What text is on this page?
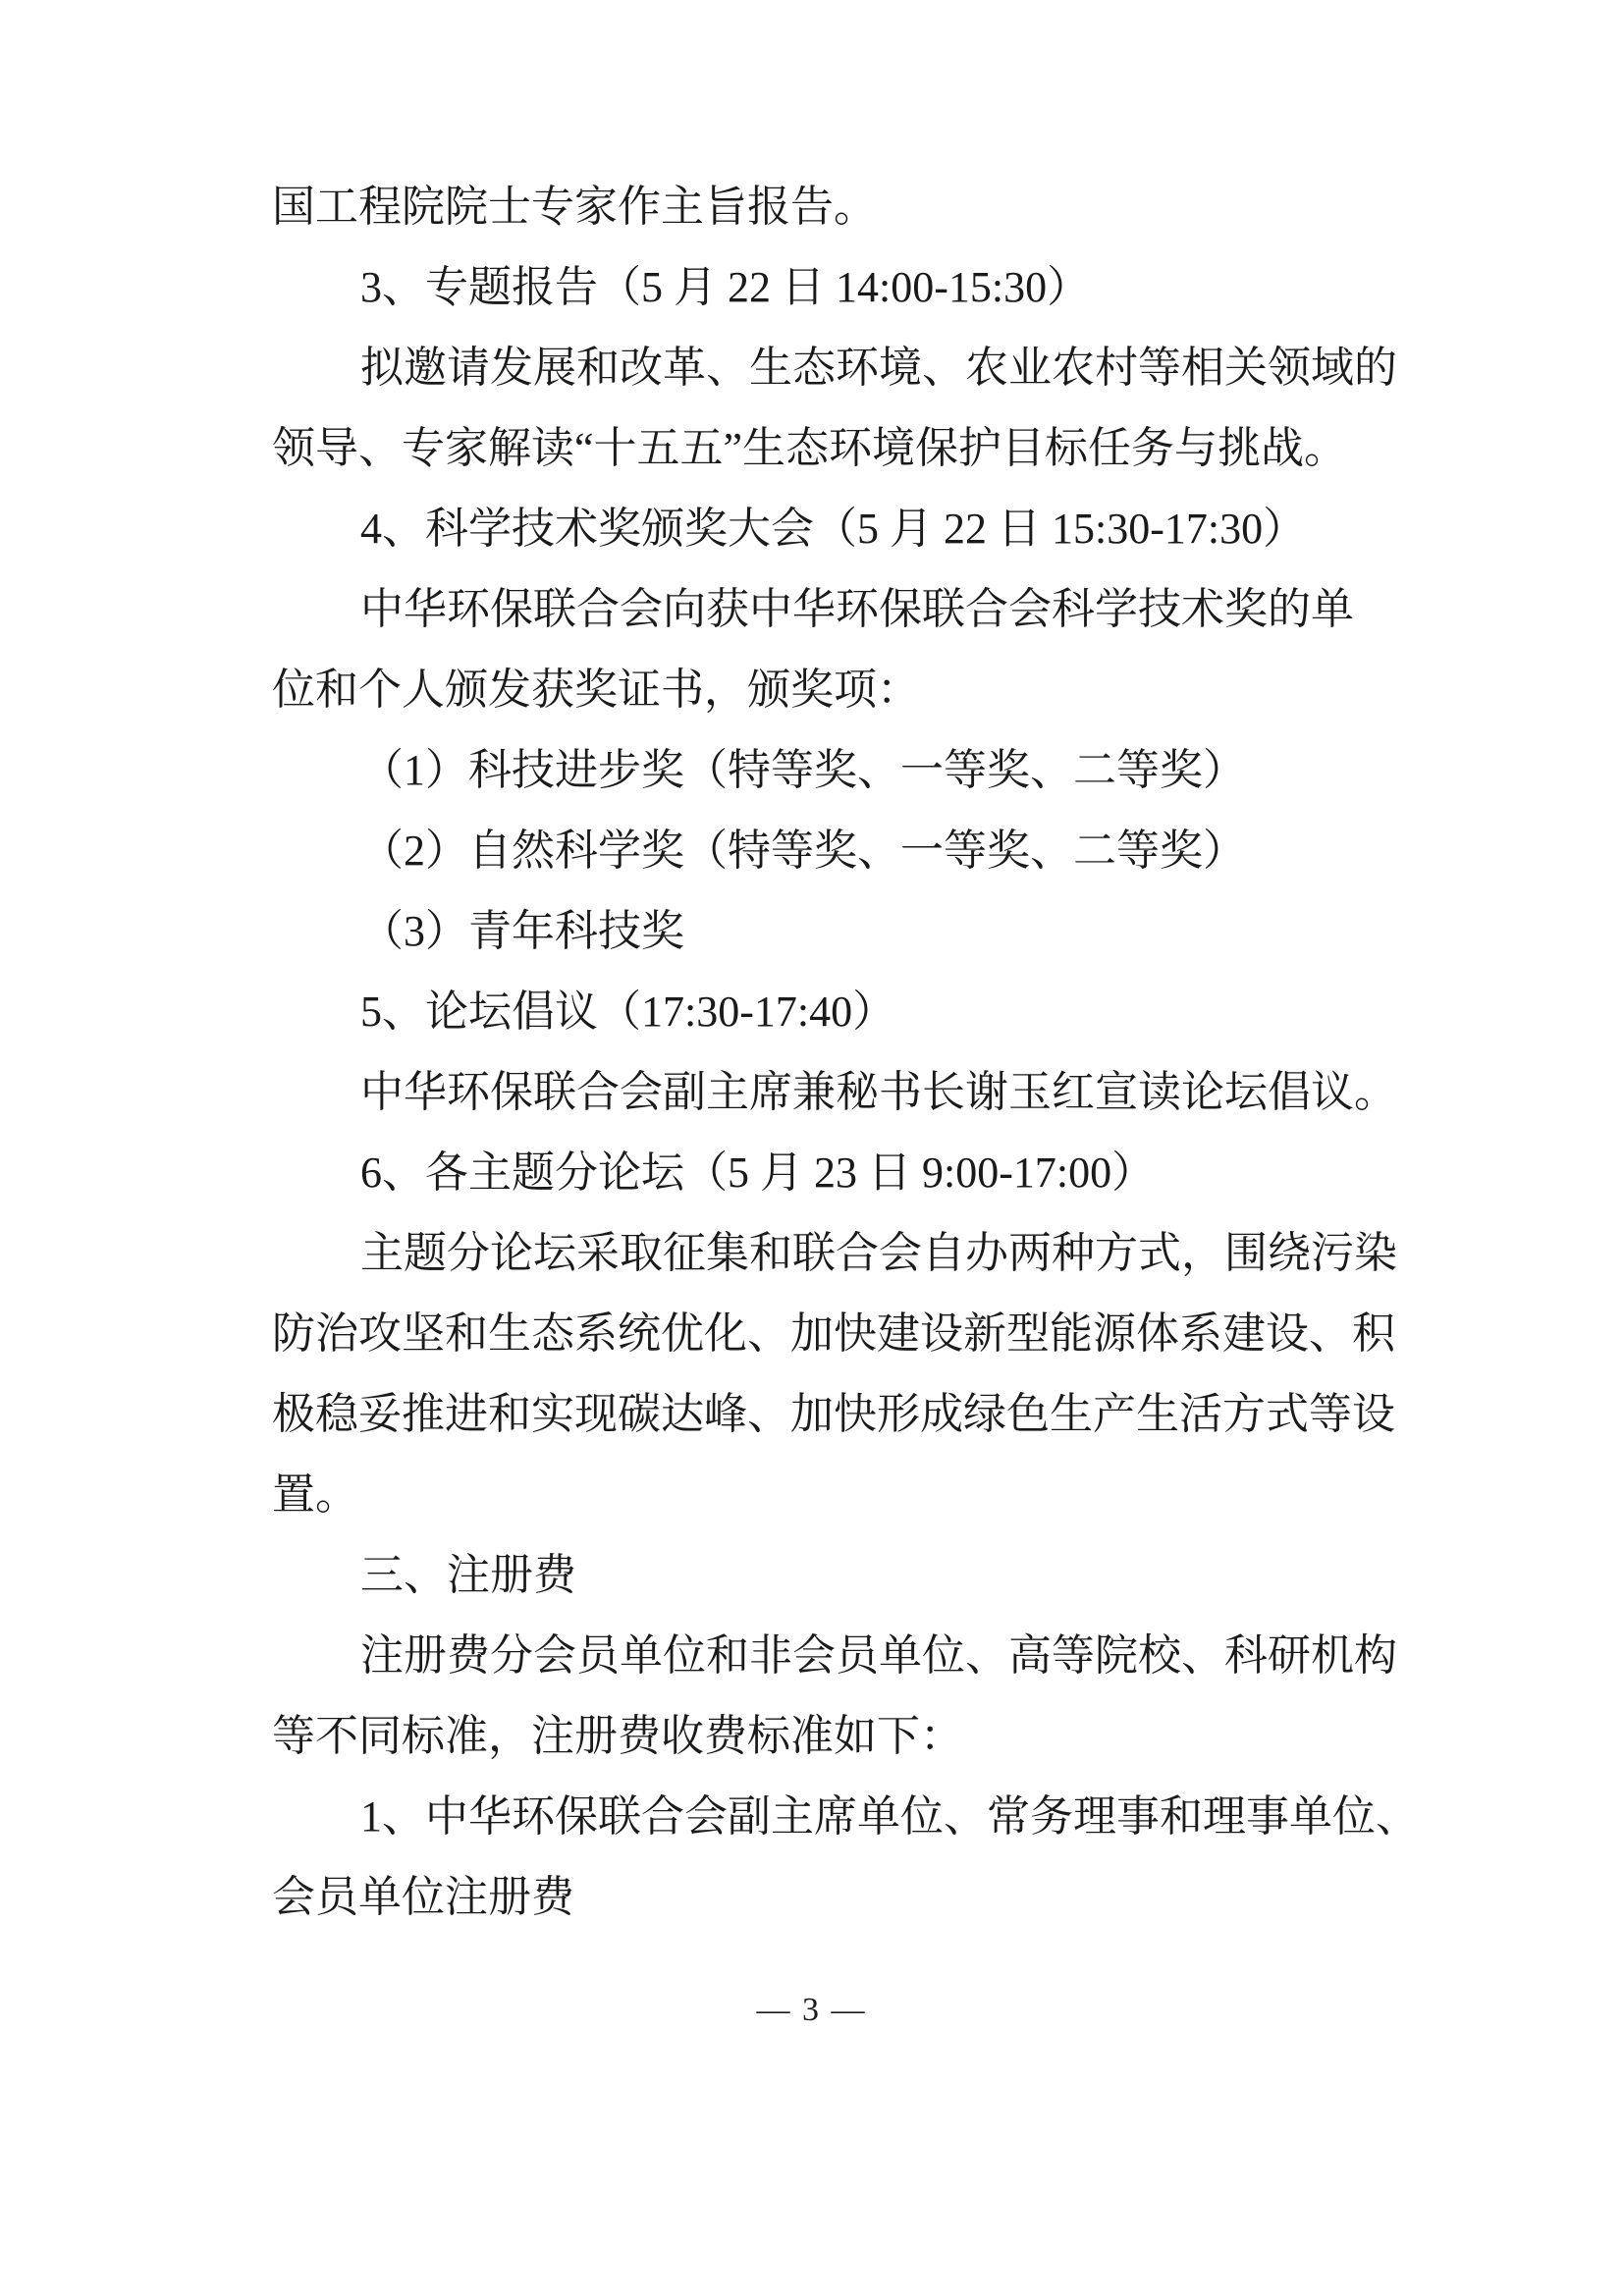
国工程院院士专家作主旨报告。
3、专题报告（5 月 22 日 14:00-15:30）
拟邀请发展和改革、生态环境、农业农村等相关领域的
领导、专家解读“十五五”生态环境保护目标任务与挑战。
4、科学技术奖颁奖大会（5 月 22 日 15:30-17:30）
中华环保联合会向获中华环保联合会科学技术奖的单
位和个人颁发获奖证书，颁奖项：
（1）科技进步奖（特等奖、一等奖、二等奖）
（2）自然科学奖（特等奖、一等奖、二等奖）
（3）青年科技奖
5、论坛倡议（17:30-17:40）
中华环保联合会副主席兼秘书长谢玉红宣读论坛倡议。
6、各主题分论坛（5 月 23 日 9:00-17:00）
主题分论坛采取征集和联合会自办两种方式，围绕污染
防治攻坚和生态系统优化、加快建设新型能源体系建设、积
极稳妥推进和实现碳达峰、加快形成绿色生产生活方式等设
置。
三、注册费
注册费分会员单位和非会员单位、高等院校、科研机构
等不同标准，注册费收费标准如下：
1、中华环保联合会副主席单位、常务理事和理事单位、
会员单位注册费
— 3 —
